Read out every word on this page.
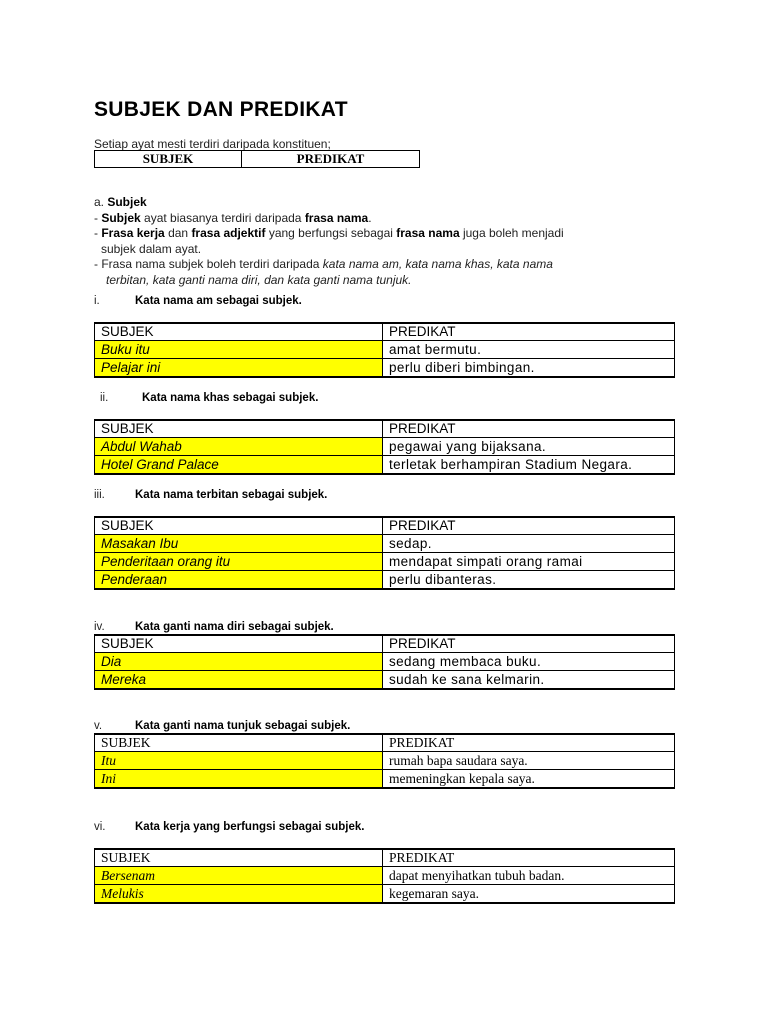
SUBJEK DAN PREDIKAT
Setiap ayat mesti terdiri daripada konstituen;
SUBJEK	PREDIKAT
a. Subjek
- Subjek ayat biasanya terdiri daripada frasa nama.
- Frasa kerja dan frasa adjektif yang berfungsi sebagai frasa nama juga boleh menjadi
subjek dalam ayat.
- Frasa nama subjek boleh terdiri daripada kata nama am, kata nama khas, kata nama
terbitan, kata ganti nama diri, dan kata ganti nama tunjuk.
i.	Kata nama am sebagai subjek.
SUBJEK	PREDIKAT
Buku itu	amat bermutu.
Pelajar ini	perlu diberi bimbingan.
ii.	Kata nama khas sebagai subjek.
SUBJEK	PREDIKAT
Abdul Wahab	pegawai yang bijaksana.
Hotel Grand Palace	terletak berhampiran Stadium Negara.
iii.	Kata nama terbitan sebagai subjek.
SUBJEK	PREDIKAT
Masakan Ibu	sedap.
Penderitaan orang itu	mendapat simpati orang ramai
Penderaan	perlu dibanteras.
iv.	Kata ganti nama diri sebagai subjek.
SUBJEK	PREDIKAT
Dia	sedang membaca buku.
Mereka	sudah ke sana kelmarin.
v.	Kata ganti nama tunjuk sebagai subjek.
SUBJEK	PREDIKAT
Itu	rumah bapa saudara saya.
Ini	memeningkan kepala saya.
vi.	Kata kerja yang berfungsi sebagai subjek.
SUBJEK	PREDIKAT
Bersenam	dapat menyihatkan tubuh badan.
Melukis	kegemaran saya.
